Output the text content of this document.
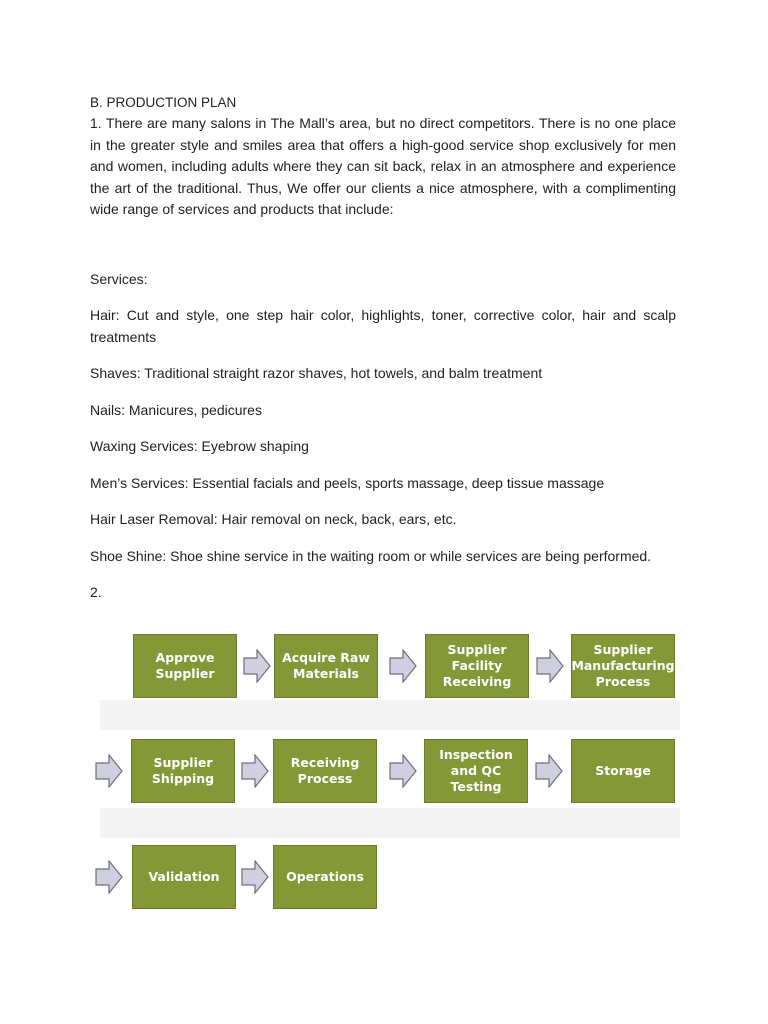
B. PRODUCTION PLAN

1. There are many salons in The Mall’s area, but no direct competitors. There is no one place in the greater style and smiles area that offers a high-good service shop exclusively for men and women, including adults where they can sit back, relax in an atmosphere and experience the art of the traditional. Thus, We offer our clients a nice atmosphere, with a complimenting wide range of services and products that include:

Services:

Hair: Cut and style, one step hair color, highlights, toner, corrective color, hair and scalp treatments

Shaves: Traditional straight razor shaves, hot towels, and balm treatment

Nails: Manicures, pedicures

Waxing Services: Eyebrow shaping

Men’s Services: Essential facials and peels, sports massage, deep tissue massage

Hair Laser Removal: Hair removal on neck, back, ears, etc.

Shoe Shine: Shoe shine service in the waiting room or while services are being performed.

2.

Approve Supplier
Acquire Raw Materials
Supplier Facility Receiving
Supplier Manufacturing Process
Supplier Shipping
Receiving Process
Inspection and QC Testing
Storage
Validation	Operations
